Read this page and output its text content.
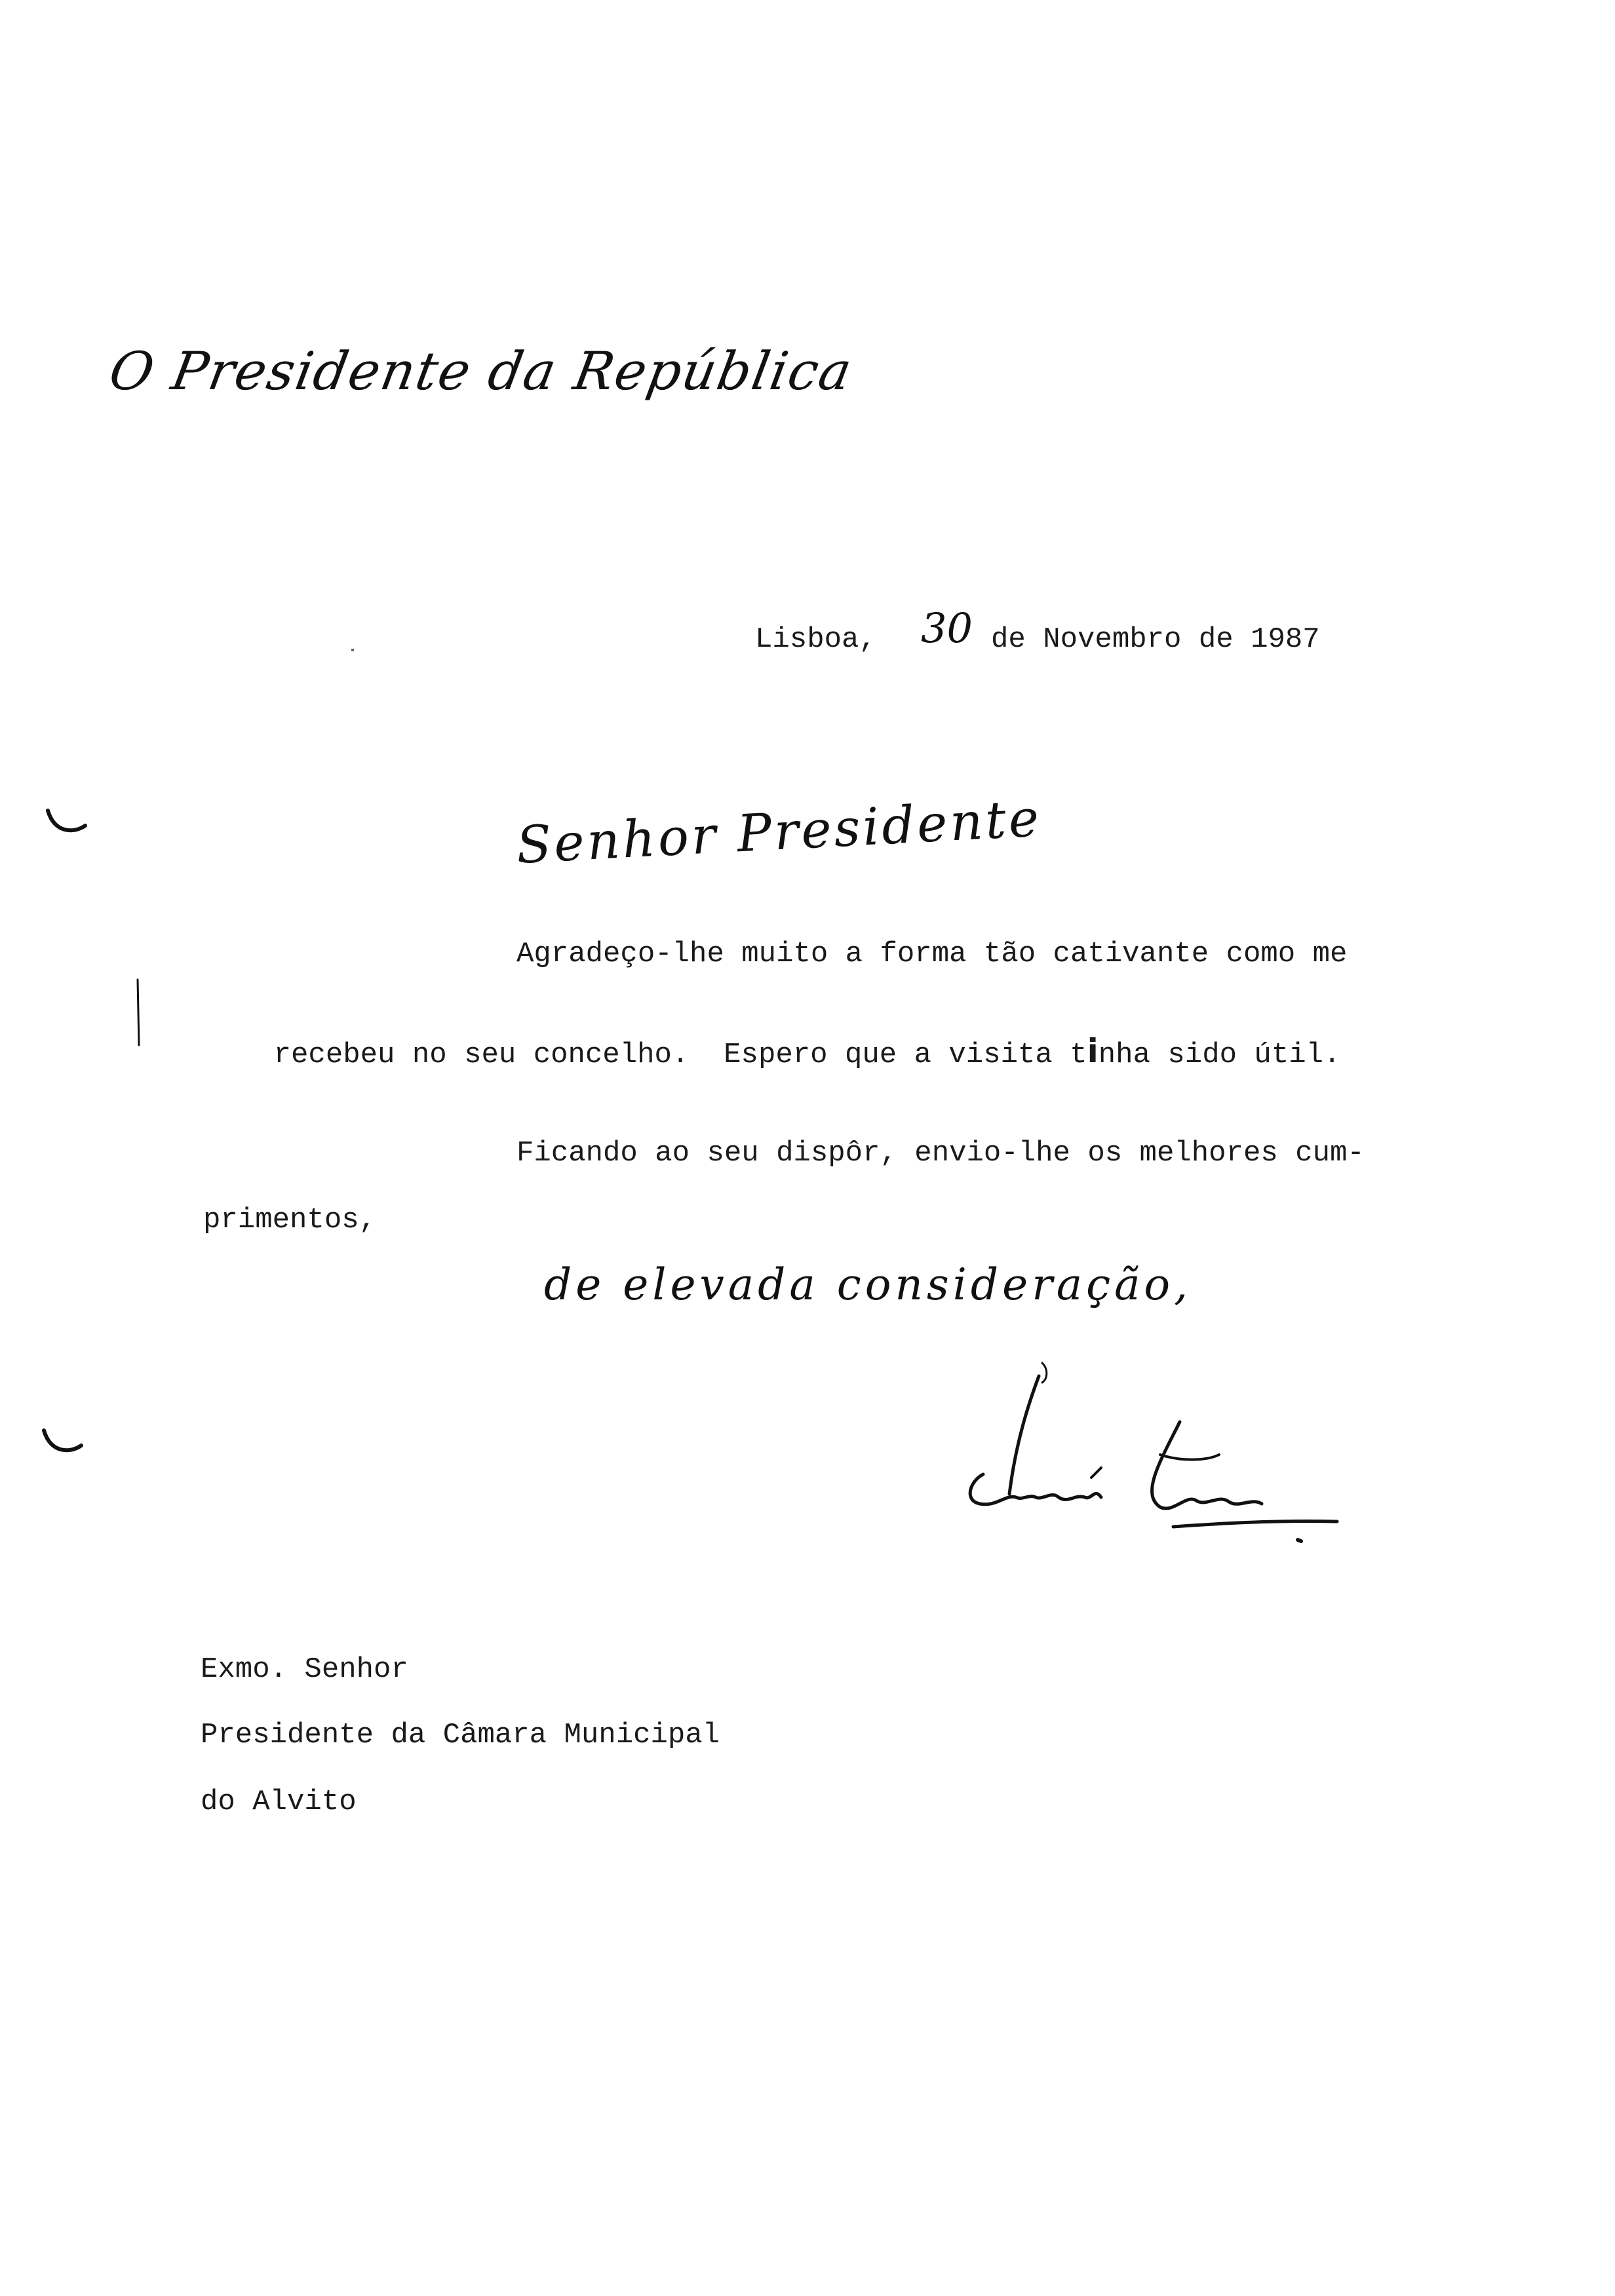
O Presidente da República
Lisboa, 30 de Novembro de 1987
Senhor Presidente
Agradeço-lhe muito a forma tão cativante como me

recebeu no seu concelho.  Espero que a visita tinha sido útil.

Ficando ao seu dispôr, envio-lhe os melhores cum-
primentos,
de elevada consideração,
Exmo. Senhor
Presidente da Câmara Municipal
do Alvito
